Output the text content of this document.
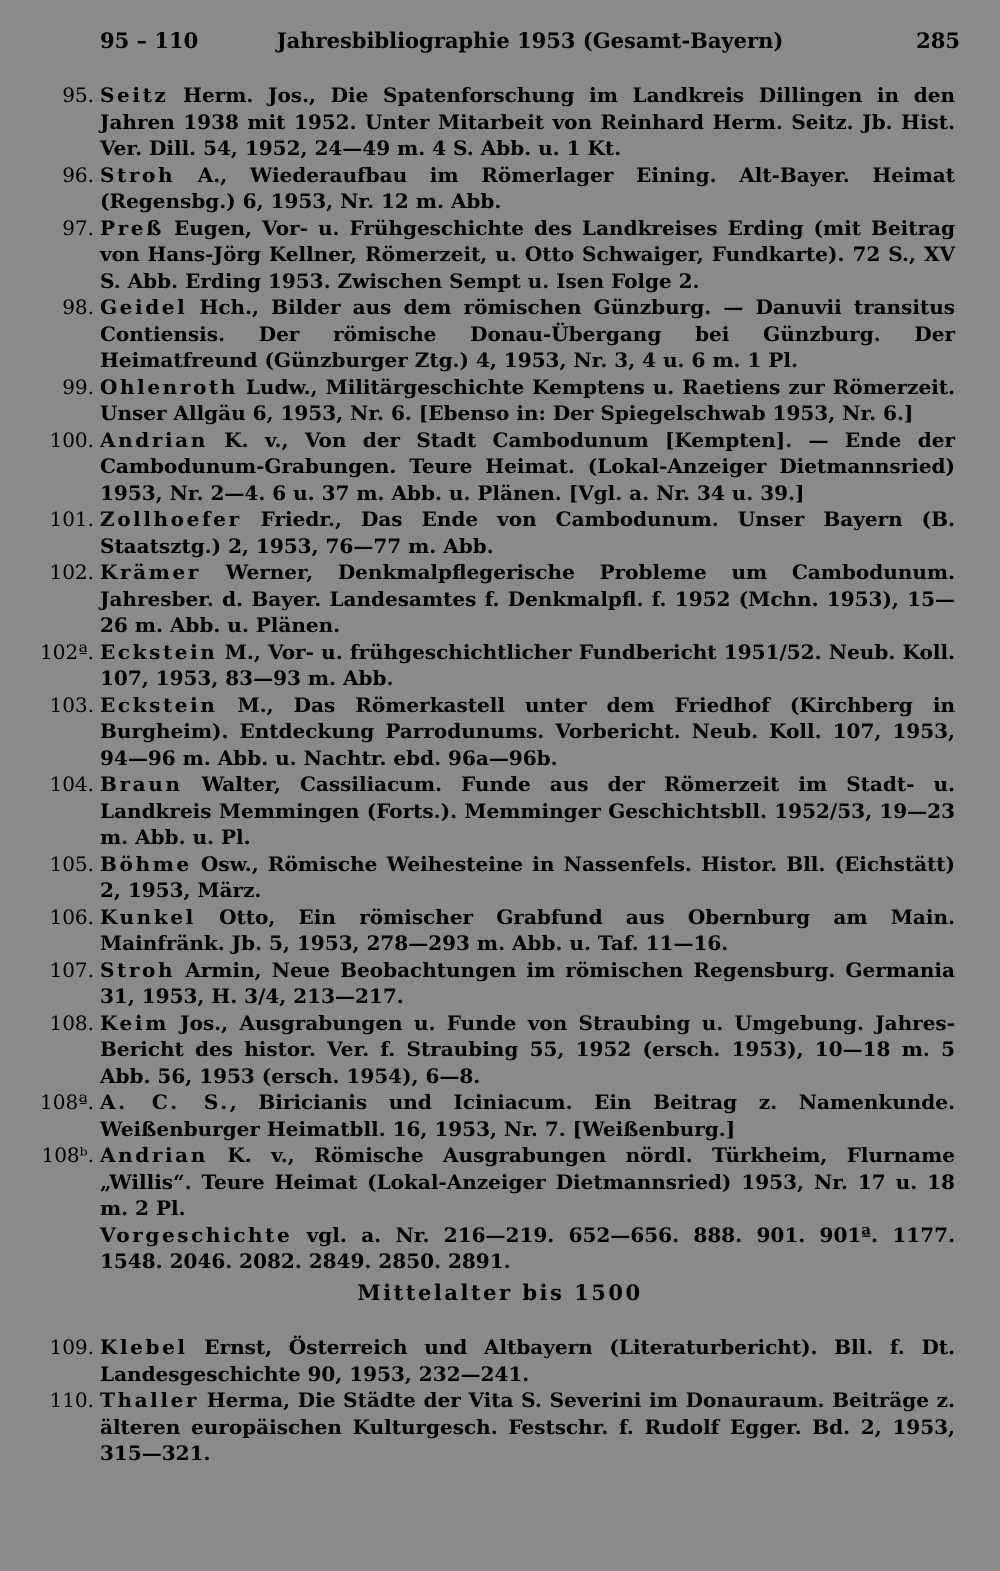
95 – 110	Jahresbibliographie 1953 (Gesamt-Bayern)	285
95. Seitz Herm. Jos., Die Spatenforschung im Landkreis Dillingen in den Jahren 1938 mit 1952. Unter Mitarbeit von Reinhard Herm. Seitz. Jb. Hist. Ver. Dill. 54, 1952, 24—49 m. 4 S. Abb. u. 1 Kt.
96. Stroh A., Wiederaufbau im Römerlager Eining. Alt-Bayer. Heimat (Regensbg.) 6, 1953, Nr. 12 m. Abb.
97. Preß Eugen, Vor- u. Frühgeschichte des Landkreises Erding (mit Beitrag von Hans-Jörg Kellner, Römerzeit, u. Otto Schwaiger, Fundkarte). 72 S., XV S. Abb. Erding 1953. Zwischen Sempt u. Isen Folge 2.
98. Geidel Hch., Bilder aus dem römischen Günzburg. — Danuvii transitus Contiensis. Der römische Donau-Übergang bei Günzburg. Der Heimatfreund (Günzburger Ztg.) 4, 1953, Nr. 3, 4 u. 6 m. 1 Pl.
99. Ohlenroth Ludw., Militärgeschichte Kemptens u. Raetiens zur Römerzeit. Unser Allgäu 6, 1953, Nr. 6. [Ebenso in: Der Spiegelschwab 1953, Nr. 6.]
100. Andrian K. v., Von der Stadt Cambodunum [Kempten]. — Ende der Cambodunum-Grabungen. Teure Heimat. (Lokal-Anzeiger Dietmannsried) 1953, Nr. 2—4. 6 u. 37 m. Abb. u. Plänen. [Vgl. a. Nr. 34 u. 39.]
101. Zollhoefer Friedr., Das Ende von Cambodunum. Unser Bayern (B. Staatsztg.) 2, 1953, 76—77 m. Abb.
102. Krämer Werner, Denkmalpflegerische Probleme um Cambodunum. Jahresber. d. Bayer. Landesamtes f. Denkmalpfl. f. 1952 (Mchn. 1953), 15—26 m. Abb. u. Plänen.
102ª. Eckstein M., Vor- u. frühgeschichtlicher Fundbericht 1951/52. Neub. Koll. 107, 1953, 83—93 m. Abb.
103. Eckstein M., Das Römerkastell unter dem Friedhof (Kirchberg in Burgheim). Entdeckung Parrodunums. Vorbericht. Neub. Koll. 107, 1953, 94—96 m. Abb. u. Nachtr. ebd. 96a—96b.
104. Braun Walter, Cassiliacum. Funde aus der Römerzeit im Stadt- u. Landkreis Memmingen (Forts.). Memminger Geschichtsbll. 1952/53, 19—23 m. Abb. u. Pl.
105. Böhme Osw., Römische Weihesteine in Nassenfels. Histor. Bll. (Eichstätt) 2, 1953, März.
106. Kunkel Otto, Ein römischer Grabfund aus Obernburg am Main. Mainfränk. Jb. 5, 1953, 278—293 m. Abb. u. Taf. 11—16.
107. Stroh Armin, Neue Beobachtungen im römischen Regensburg. Germania 31, 1953, H. 3/4, 213—217.
108. Keim Jos., Ausgrabungen u. Funde von Straubing u. Umgebung. Jahres-Bericht des histor. Ver. f. Straubing 55, 1952 (ersch. 1953), 10—18 m. 5 Abb. 56, 1953 (ersch. 1954), 6—8.
108ª. A. C. S., Biricianis und Iciniacum. Ein Beitrag z. Namenkunde. Weißenburger Heimatbll. 16, 1953, Nr. 7. [Weißenburg.]
108ᵇ. Andrian K. v., Römische Ausgrabungen nördl. Türkheim, Flurname „Willis“. Teure Heimat (Lokal-Anzeiger Dietmannsried) 1953, Nr. 17 u. 18 m. 2 Pl.
Vorgeschichte vgl. a. Nr. 216—219. 652—656. 888. 901. 901ª. 1177. 1548. 2046. 2082. 2849. 2850. 2891.
Mittelalter bis 1500
109. Klebel Ernst, Österreich und Altbayern (Literaturbericht). Bll. f. Dt. Landesgeschichte 90, 1953, 232—241.
110. Thaller Herma, Die Städte der Vita S. Severini im Donauraum. Beiträge z. älteren europäischen Kulturgesch. Festschr. f. Rudolf Egger. Bd. 2, 1953, 315—321.
